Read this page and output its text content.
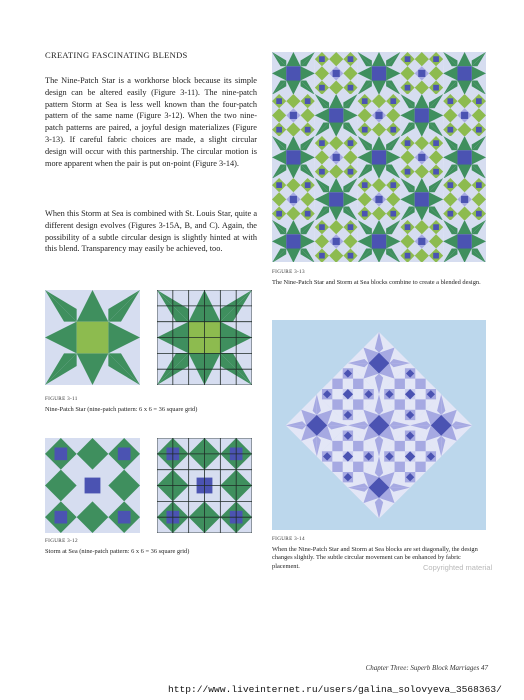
CREATING FASCINATING BLENDS

The Nine-Patch Star is a workhorse block because its simple design can be altered easily (Figure 3-11). The nine-patch pattern Storm at Sea is less well known than the four-patch pattern of the same name (Figure 3-12). When the two nine-patch patterns are paired, a joyful design materializes (Figure 3-13). If careful fabric choices are made, a slight circular design will occur with this partnership. The circular motion is more apparent when the pair is put on-point (Figure 3-14).

When this Storm at Sea is combined with St. Louis Star, quite a different design evolves (Figures 3-15A, B, and C). Again, the possibility of a subtle circular design is slightly hinted at with this blend. Transparency may easily be achieved, too.

FIGURE 3-13

The Nine-Patch Star and Storm at Sea blocks combine to create a blended design.

FIGURE 3-11

Nine-Patch Star (nine-patch pattern: 6 x 6 = 36 square grid)

FIGURE 3-12

Storm at Sea (nine-patch pattern: 6 x 6 = 36 square grid)

FIGURE 3-14

When the Nine-Patch Star and Storm at Sea blocks are set diagonally, the design changes slightly. The subtle circular movement can be enhanced by fabric placement.	Copyrighted material
Chapter Three: Superb Block Marriages 47
http://www.liveinternet.ru/users/galina_solovyeva_3568363/
